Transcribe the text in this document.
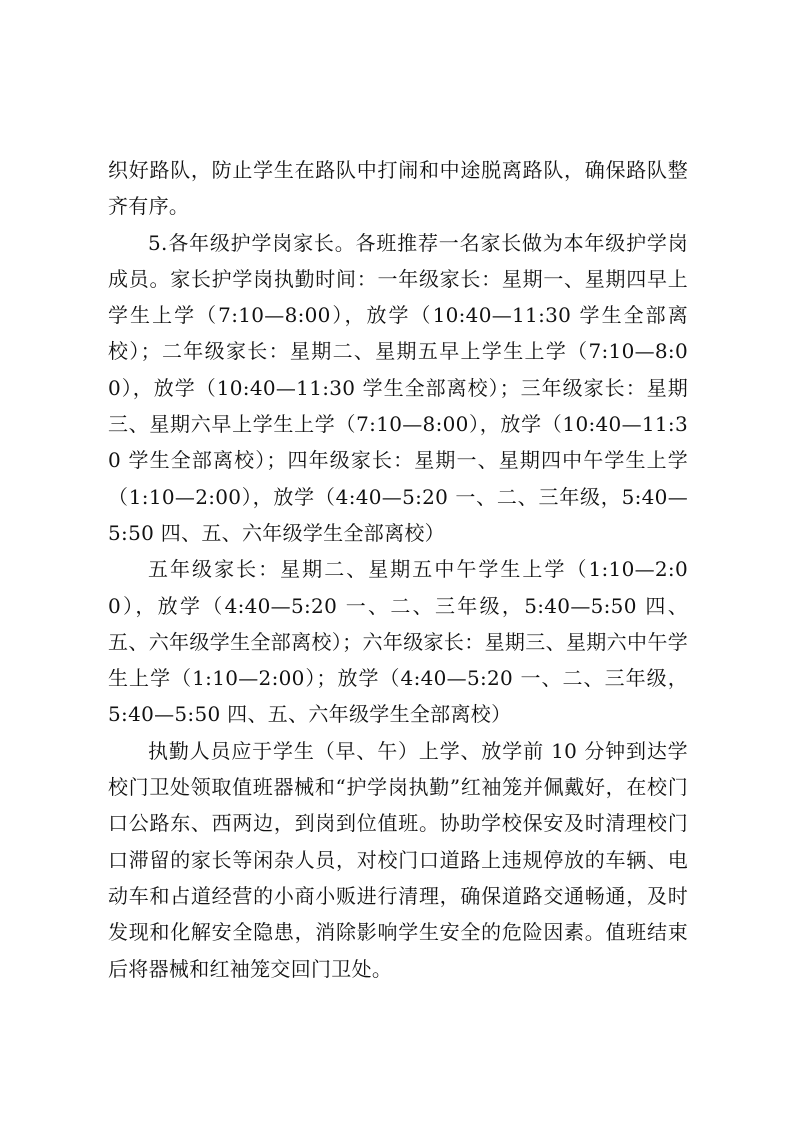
织好路队，防止学生在路队中打闹和中途脱离路队，确保路队整齐有序。

5.各年级护学岗家长。各班推荐一名家长做为本年级护学岗成员。家长护学岗执勤时间：一年级家长：星期一、星期四早上学生上学（7:10—8:00），放学（10:40—11:30 学生全部离校）；二年级家长：星期二、星期五早上学生上学（7:10—8:00），放学（10:40—11:30 学生全部离校）；三年级家长：星期三、星期六早上学生上学（7:10—8:00），放学（10:40—11:30 学生全部离校）；四年级家长：星期一、星期四中午学生上学（1:10—2:00），放学（4:40—5:20 一、二、三年级，5:40—5:50 四、五、六年级学生全部离校）

五年级家长：星期二、星期五中午学生上学（1:10—2:00），放学（4:40—5:20 一、二、三年级，5:40—5:50 四、五、六年级学生全部离校）；六年级家长：星期三、星期六中午学生上学（1:10—2:00）；放学（4:40—5:20 一、二、三年级，5:40—5:50 四、五、六年级学生全部离校）

执勤人员应于学生（早、午）上学、放学前 10 分钟到达学校门卫处领取值班器械和“护学岗执勤”红袖笼并佩戴好，在校门口公路东、西两边，到岗到位值班。协助学校保安及时清理校门口滞留的家长等闲杂人员，对校门口道路上违规停放的车辆、电动车和占道经营的小商小贩进行清理，确保道路交通畅通，及时发现和化解安全隐患，消除影响学生安全的危险因素。值班结束后将器械和红袖笼交回门卫处。
